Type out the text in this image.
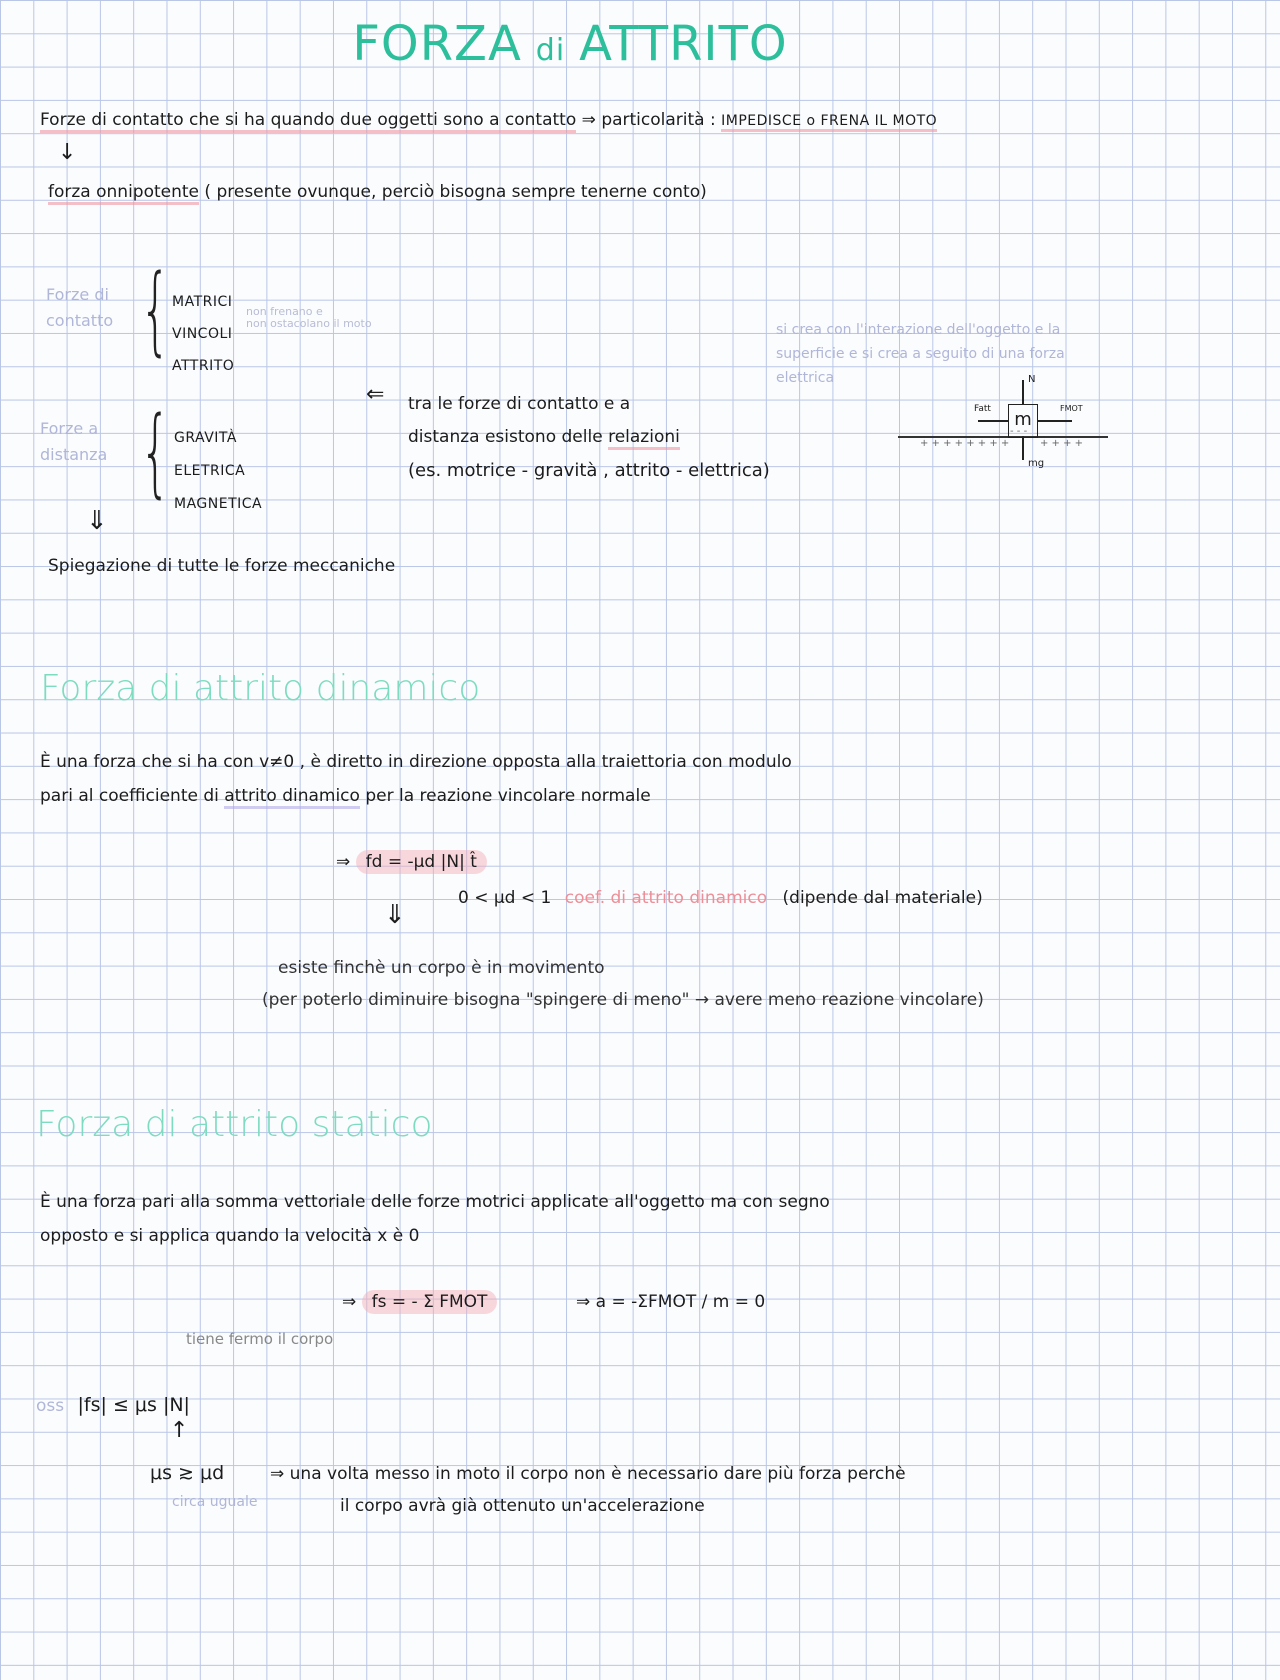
FORZA di ATTRITO
Forze di contatto che si ha quando due oggetti sono a contatto ⇒ particolarità : IMPEDISCE o FRENA IL MOTO
↓
forza onnipotente ( presente ovunque, perciò bisogna sempre tenerne conto)
Forze di
contatto { MATRICI
VINCOLI
ATTRITO
non frenano e
non ostacolano il moto
Forze a
distanza { GRAVITÀ
ELETRICA
MAGNETICA
⇓
Spiegazione di tutte le forze meccaniche
⇐ tra le forze di contatto e a
distanza esistono delle relazioni
(es. motrice - gravità , attrito - elettrica)
si crea con l'interazione dell'oggetto e la
superficie e si crea a seguito di una forza
elettrica
m
N
mg
Fatt	FMOT
+ + + + + + + +
- - -
+ + + +
Forza di attrito dinamico
È una forza che si ha con v≠0 , è diretto in direzione opposta alla traiettoria con modulo
pari al coefficiente di attrito dinamico per la reazione vincolare normale
⇒ fd = -μd |N| t̂
0 < μd < 1 coef. di attrito dinamico (dipende dal materiale)
⇓
esiste finchè un corpo è in movimento
(per poterlo diminuire bisogna "spingere di meno" → avere meno reazione vincolare)
Forza di attrito statico
È una forza pari alla somma vettoriale delle forze motrici applicate all'oggetto ma con segno
opposto e si applica quando la velocità x è 0
⇒ fs = - Σ FMOT	⇒ a = -ΣFMOT / m = 0
tiene fermo il corpo
oss |fs| ≤ μs |N|
↑
μs ≳ μd
circa uguale
⇒ una volta messo in moto il corpo non è necessario dare più forza perchè
il corpo avrà già ottenuto un'accelerazione
